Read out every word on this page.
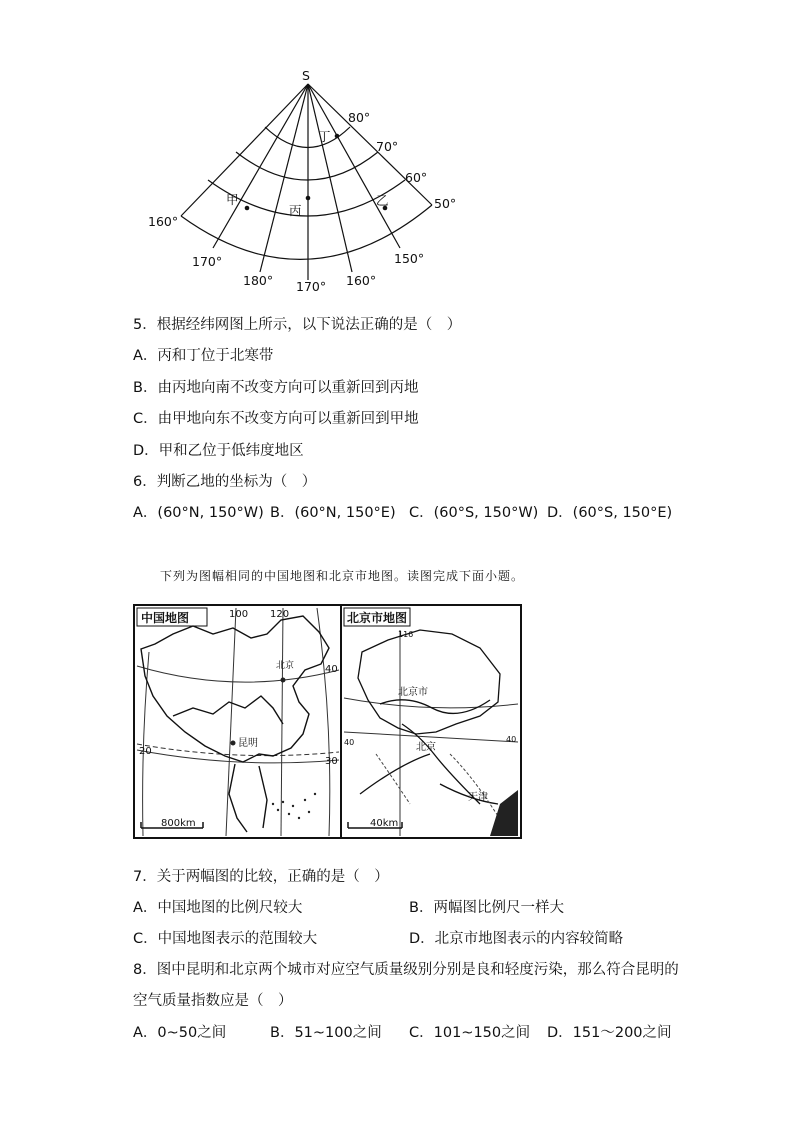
S
80°
70°
60°
50°
160°
170°
180° 170° 160°
150°
丁
甲
丙
乙
5．根据经纬网图上所示，以下说法正确的是（　）
A．丙和丁位于北寒带
B．由丙地向南不改变方向可以重新回到丙地
C．由甲地向东不改变方向可以重新回到甲地
D．甲和乙位于低纬度地区
6．判断乙地的坐标为（　）
A．(60°N, 150°W) B．(60°N, 150°E) C．(60°S, 150°W) D．(60°S, 150°E)
下列为图幅相同的中国地图和北京市地图。读图完成下面小题。
中国地图	100 120
40
30
20
昆明
北京
800km
北京市地图
116
40	40
北京市
北京
天津
40km
7．关于两幅图的比较，正确的是（　）
A．中国地图的比例尺较大	B．两幅图比例尺一样大
C．中国地图表示的范围较大	D．北京市地图表示的内容较简略
8．图中昆明和北京两个城市对应空气质量级别分别是良和轻度污染，那么符合昆明的
空气质量指数应是（　）
A．0~50之间	B．51~100之间 C．101~150之间 D．151～200之间
